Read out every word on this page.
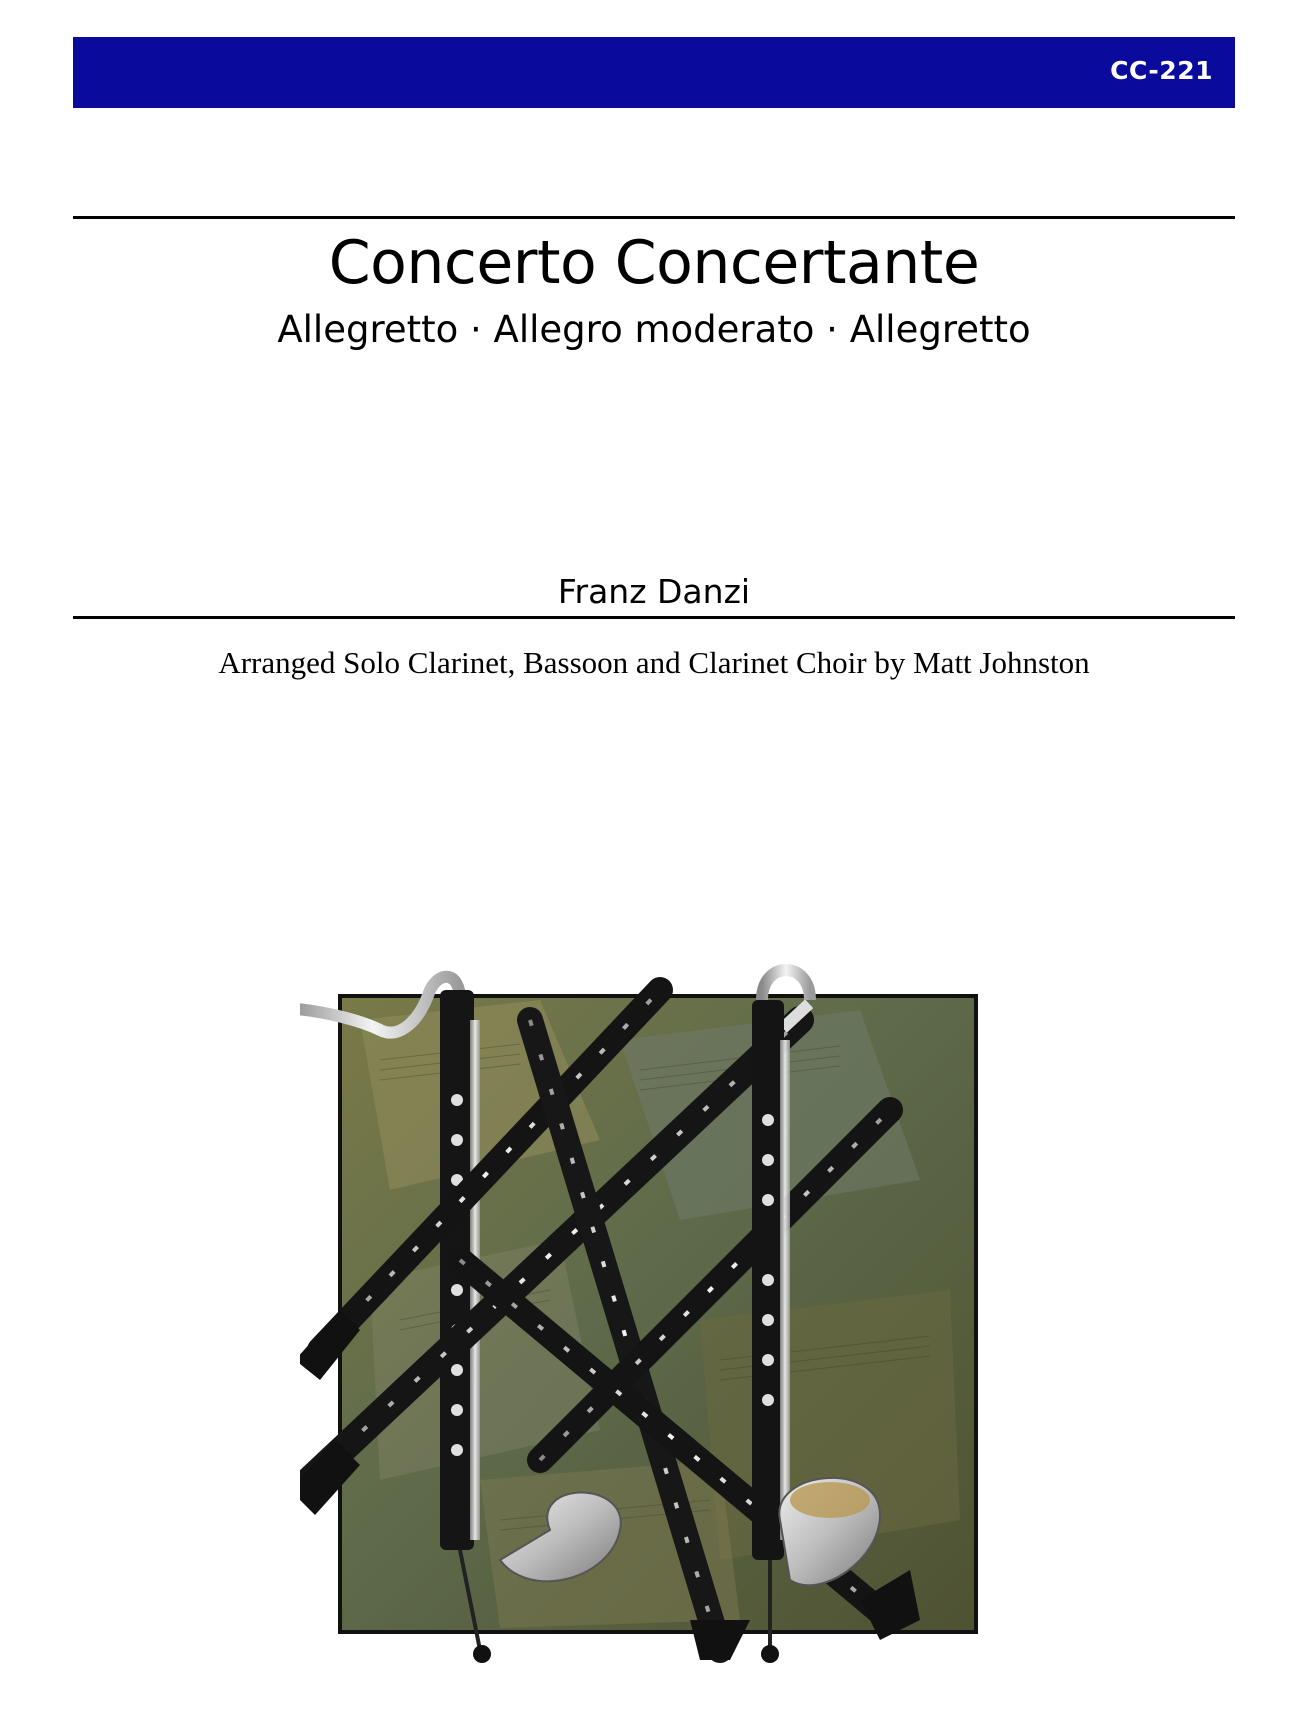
CC-221
Concerto Concertante
Allegretto · Allegro moderato · Allegretto
Franz Danzi
Arranged Solo Clarinet, Bassoon and Clarinet Choir by Matt Johnston
